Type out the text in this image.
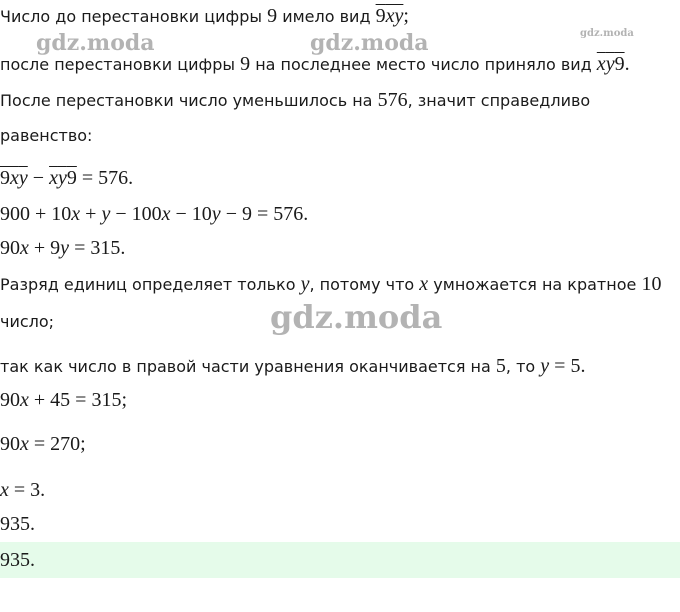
gdz.moda	gdz.moda	gdz.moda
gdz.moda
Число до перестановки цифры 9 имело вид 9xy;
после перестановки цифры 9 на последнее место число приняло вид xy9.
После перестановки число уменьшилось на 576, значит справедливо
равенство:
9xy − xy9 = 576.
900 + 10x + y − 100x − 10y − 9 = 576.
90x + 9y = 315.
Разряд единиц определяет только y, потому что x умножается на кратное 10
число;
так как число в правой части уравнения оканчивается на 5, то y = 5.
90x + 45 = 315;
90x = 270;
x = 3.
935.
935.
